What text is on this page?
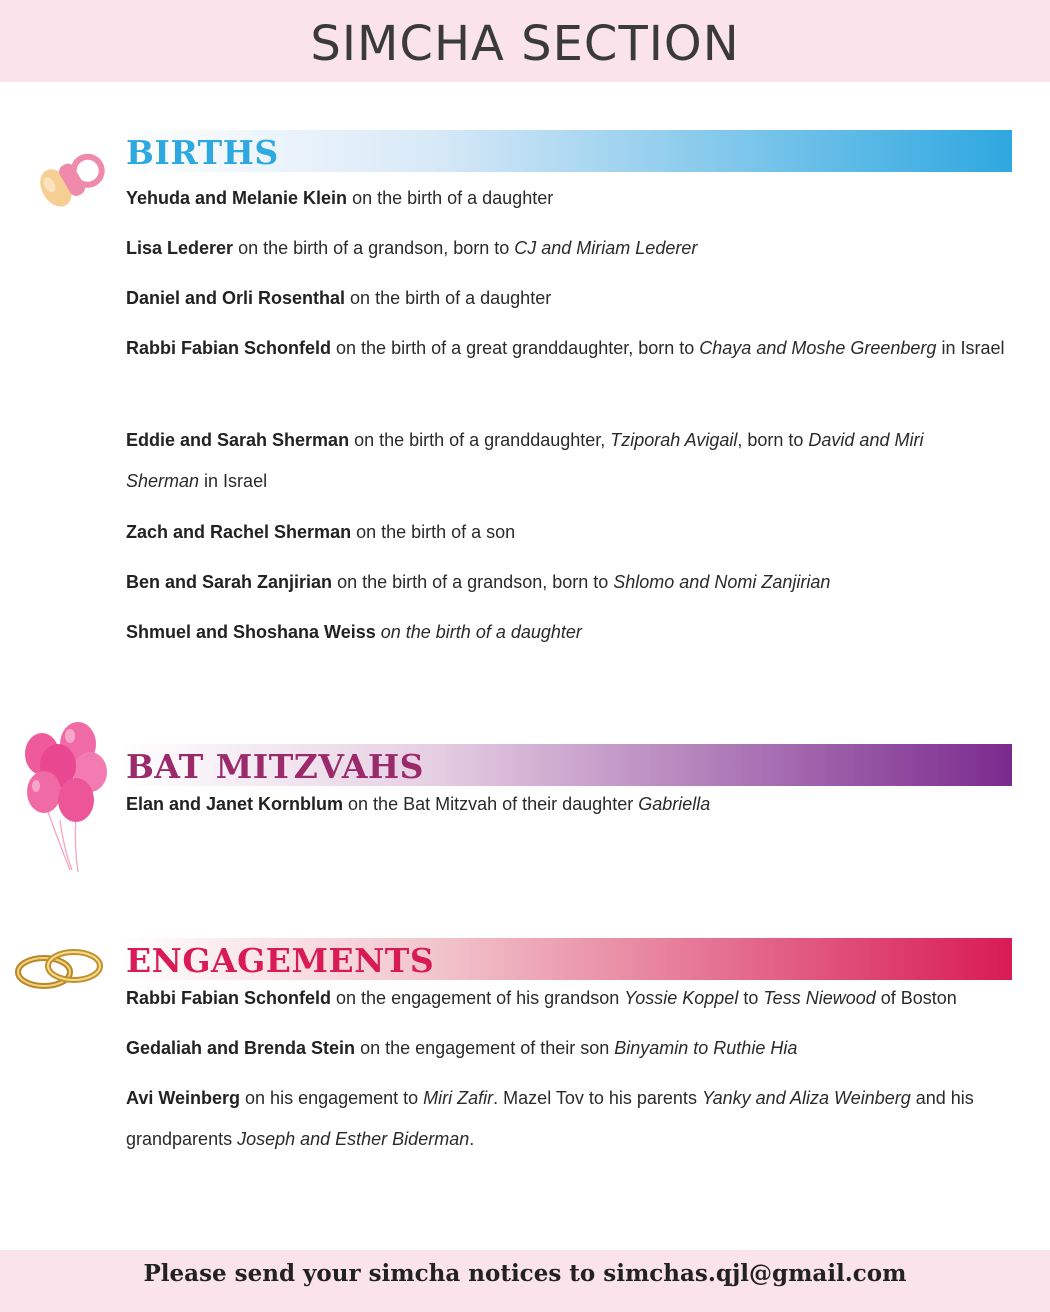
SIMCHA SECTION
BIRTHS
Yehuda and Melanie Klein on the birth of a daughter
Lisa Lederer on the birth of a grandson, born to CJ and Miriam Lederer
Daniel and Orli Rosenthal on the birth of a daughter
Rabbi Fabian Schonfeld on the birth of a great granddaughter, born to Chaya and Moshe Greenberg in Israel
Eddie and Sarah Sherman on the birth of a granddaughter, Tziporah Avigail, born to David and Miri Sherman in Israel
Zach and Rachel Sherman on the birth of a son
Ben and Sarah Zanjirian on the birth of a grandson, born to Shlomo and Nomi Zanjirian
Shmuel and Shoshana Weiss on the birth of a daughter
BAT MITZVAHS
Elan and Janet Kornblum on the Bat Mitzvah of their daughter Gabriella
ENGAGEMENTS
Rabbi Fabian Schonfeld on the engagement of his grandson Yossie Koppel to Tess Niewood of Boston
Gedaliah and Brenda Stein on the engagement of their son Binyamin to Ruthie Hia
Avi Weinberg on his engagement to Miri Zafir. Mazel Tov to his parents Yanky and Aliza Weinberg and his grandparents Joseph and Esther Biderman.
Please send your simcha notices to simchas.qjl@gmail.com
